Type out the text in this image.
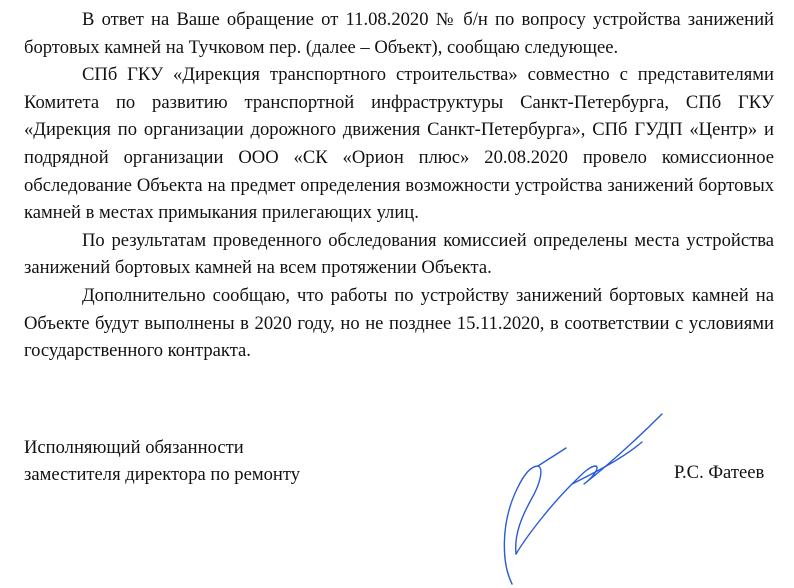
В ответ на Ваше обращение от 11.08.2020 № б/н по вопросу устройства занижений бортовых камней на Тучковом пер. (далее – Объект), сообщаю следующее.

СПб ГКУ «Дирекция транспортного строительства» совместно с представителями Комитета по развитию транспортной инфраструктуры Санкт-Петербурга, СПб ГКУ «Дирекция по организации дорожного движения Санкт-Петербурга», СПб ГУДП «Центр» и подрядной организации ООО «СК «Орион плюс» 20.08.2020 провело комиссионное обследование Объекта на предмет определения возможности устройства занижений бортовых камней в местах примыкания прилегающих улиц.

По результатам проведенного обследования комиссией определены места устройства занижений бортовых камней на всем протяжении Объекта.

Дополнительно сообщаю, что работы по устройству занижений бортовых камней на Объекте будут выполнены в 2020 году, но не позднее 15.11.2020, в соответствии с условиями государственного контракта.

Исполняющий обязанности
заместителя директора по ремонту	Р.С. Фатеев
